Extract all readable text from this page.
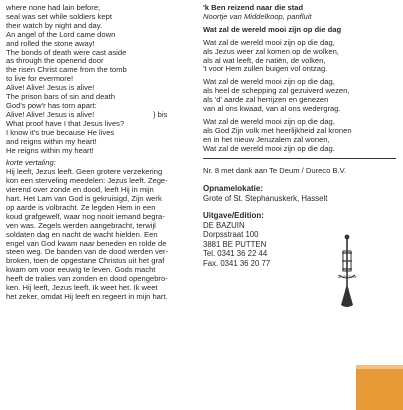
where none had lain before;
seal was set while soldiers kept
their watch by night and day.
An angel of the Lord came down
and rolled the stone away!
The bonds of death were cast aside
as through the openend door
the risen Christ came from the tomb
to live for evermore!
Alive! Alive! Jesus is alive!
The prison bars of sin and death
God's pow'r has torn apart:
Alive! Alive! Jesus is alive!
What proof have I that Jesus lives?
I know it's true because He lives
and reigns within my heart!
He reigns within my heart!
} bis
korte vertaling:
Hij leeft, Jezus leeft. Geen grotere verzekering
kon een sterveling meedelen: Jezus leeft. Zege-
vierend over zonde en dood, leeft Hij in mijn
hart. Het Lam van God is gekruisigd, Zijn werk
op aarde is volbracht. Ze legden Hem in een
koud grafgewelf, waar nog nooit iemand begra-
ven was. Zegels werden aangebracht, terwijl
soldaten dag en nacht de wacht hielden. Een
engel van God kwam naar beneden en rolde de
steen weg. De banden van de dood werden ver-
broken, toen de opgestane Christus uit het graf
kwam om voor eeuwig te leven. Gods macht
heeft de tralies van zonden en dood opengebro-
ken. Hij leeft, Jezus leeft. Ik weet het. Ik weet
het zeker, omdat Hij leeft en regeert in mijn hart.
'k Ben reizend naar die stad
Noortje van Middelkoop, panfluit
Wat zal de wereld mooi zijn op die dag
Wat zal de wereld mooi zijn op die dag,
als Jezus weer zal komen op de wolken,
als al wat leeft, de natiën, de volken,
't voor Hem zullen buigen vol ontzag.
Wat zal de wereld mooi zijn op die dag,
als heel de schepping zal gezuiverd wezen,
als 'd' aarde zal herrijzen en genezen
van al ons kwaad, van al ons wedergrag.
Wat zal de wereld mooi zijn op die dag,
als God Zijn volk met heerlijkheid zal kronen
en in het nieuw Jeruzalem zal wonen,
Wat zal de wereld mooi zijn op die dag.
Nr. 8 met dank aan Te Deum / Dureco B.V.
Opnamelokatie:
Grote of St. Stephanuskerk, Hasselt
Uitgave/Edition:
DE BAZUIN
Dorpsstraat 100
3881 BE PUTTEN
Tel. 0341 36 22 44
Fax. 0341 36 20 77
DE BAZUIN
